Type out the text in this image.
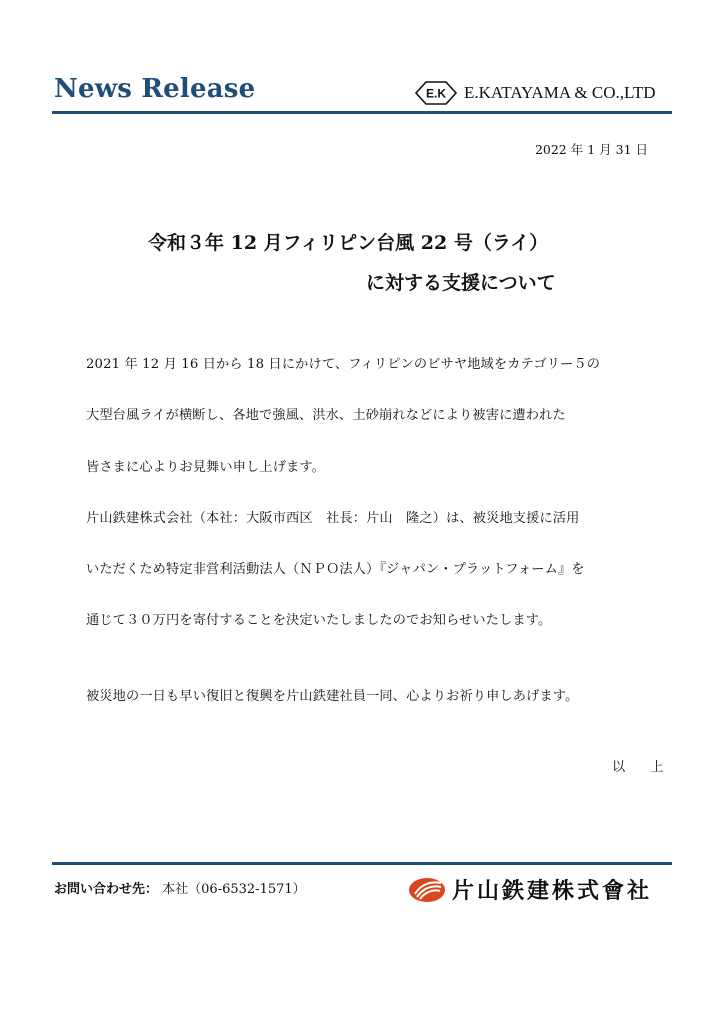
News Release	E.K E.KATAYAMA & CO.,LTD
2022 年 1 月 31 日
令和３年 12 月フィリピン台風 22 号（ライ）
に対する支援について
2021 年 12 月 16 日から 18 日にかけて、フィリピンのビサヤ地域をカテゴリー５の
大型台風ライが横断し、各地で強風、洪水、土砂崩れなどにより被害に遭われた
皆さまに心よりお見舞い申し上げます。
片山鉄建株式会社（本社：大阪市西区　社長：片山　隆之）は、被災地支援に活用
いただくため特定非営利活動法人（ＮＰＯ法人）『ジャパン・プラットフォーム』を
通じて３０万円を寄付することを決定いたしましたのでお知らせいたします。
被災地の一日も早い復旧と復興を片山鉄建社員一同、心よりお祈り申しあげます。
以　上
お問い合わせ先： 本社（06-6532-1571）	片山鉄建株式會社
